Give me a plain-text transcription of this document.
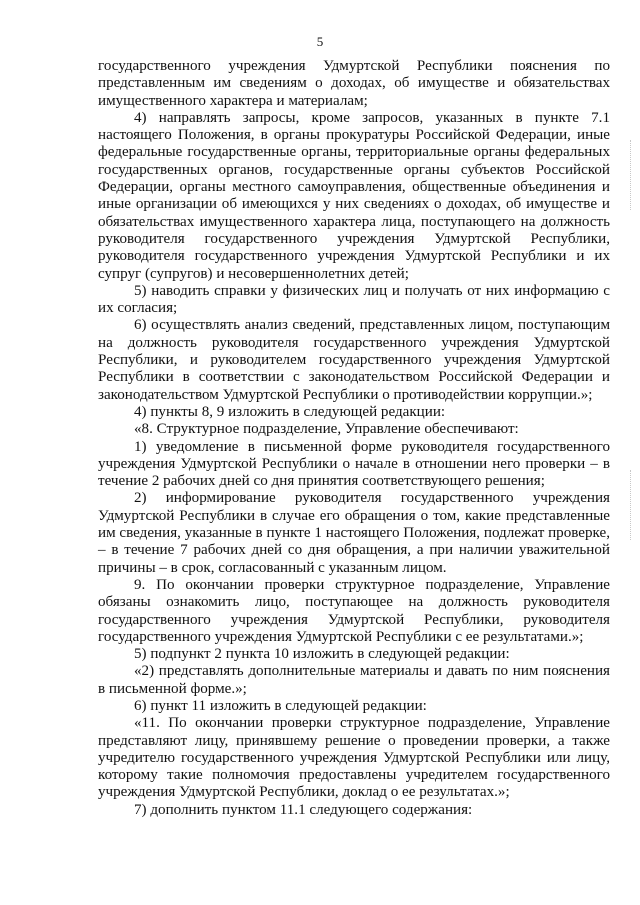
5

государственного учреждения Удмуртской Республики пояснения по представленным им сведениям о доходах, об имуществе и обязательствах имущественного характера и материалам;

4) направлять запросы, кроме запросов, указанных в пункте 7.1 настоящего Положения, в органы прокуратуры Российской Федерации, иные федеральные государственные органы, территориальные органы федеральных государственных органов, государственные органы субъектов Российской Федерации, органы местного самоуправления, общественные объединения и иные организации об имеющихся у них сведениях о доходах, об имуществе и обязательствах имущественного характера лица, поступающего на должность руководителя государственного учреждения Удмуртской Республики, руководителя государственного учреждения Удмуртской Республики и их супруг (супругов) и несовершеннолетних детей;

5) наводить справки у физических лиц и получать от них информацию с их согласия;

6) осуществлять анализ сведений, представленных лицом, поступающим на должность руководителя государственного учреждения Удмуртской Республики, и руководителем государственного учреждения Удмуртской Республики в соответствии с законодательством Российской Федерации и законодательством Удмуртской Республики о противодействии коррупции.»;

4) пункты 8, 9 изложить в следующей редакции:

«8. Структурное подразделение, Управление обеспечивают:

1) уведомление в письменной форме руководителя государственного учреждения Удмуртской Республики о начале в отношении него проверки – в течение 2 рабочих дней со дня принятия соответствующего решения;

2) информирование руководителя государственного учреждения Удмуртской Республики в случае его обращения о том, какие представленные им сведения, указанные в пункте 1 настоящего Положения, подлежат проверке, – в течение 7 рабочих дней со дня обращения, а при наличии уважительной причины – в срок, согласованный с указанным лицом.

9. По окончании проверки структурное подразделение, Управление обязаны ознакомить лицо, поступающее на должность руководителя государственного учреждения Удмуртской Республики, руководителя государственного учреждения Удмуртской Республики с ее результатами.»;

5) подпункт 2 пункта 10 изложить в следующей редакции:

«2) представлять дополнительные материалы и давать по ним пояснения в письменной форме.»;

6) пункт 11 изложить в следующей редакции:

«11. По окончании проверки структурное подразделение, Управление представляют лицу, принявшему решение о проведении проверки, а также учредителю государственного учреждения Удмуртской Республики или лицу, которому такие полномочия предоставлены учредителем государственного учреждения Удмуртской Республики, доклад о ее результатах.»;

7) дополнить пунктом 11.1 следующего содержания:
